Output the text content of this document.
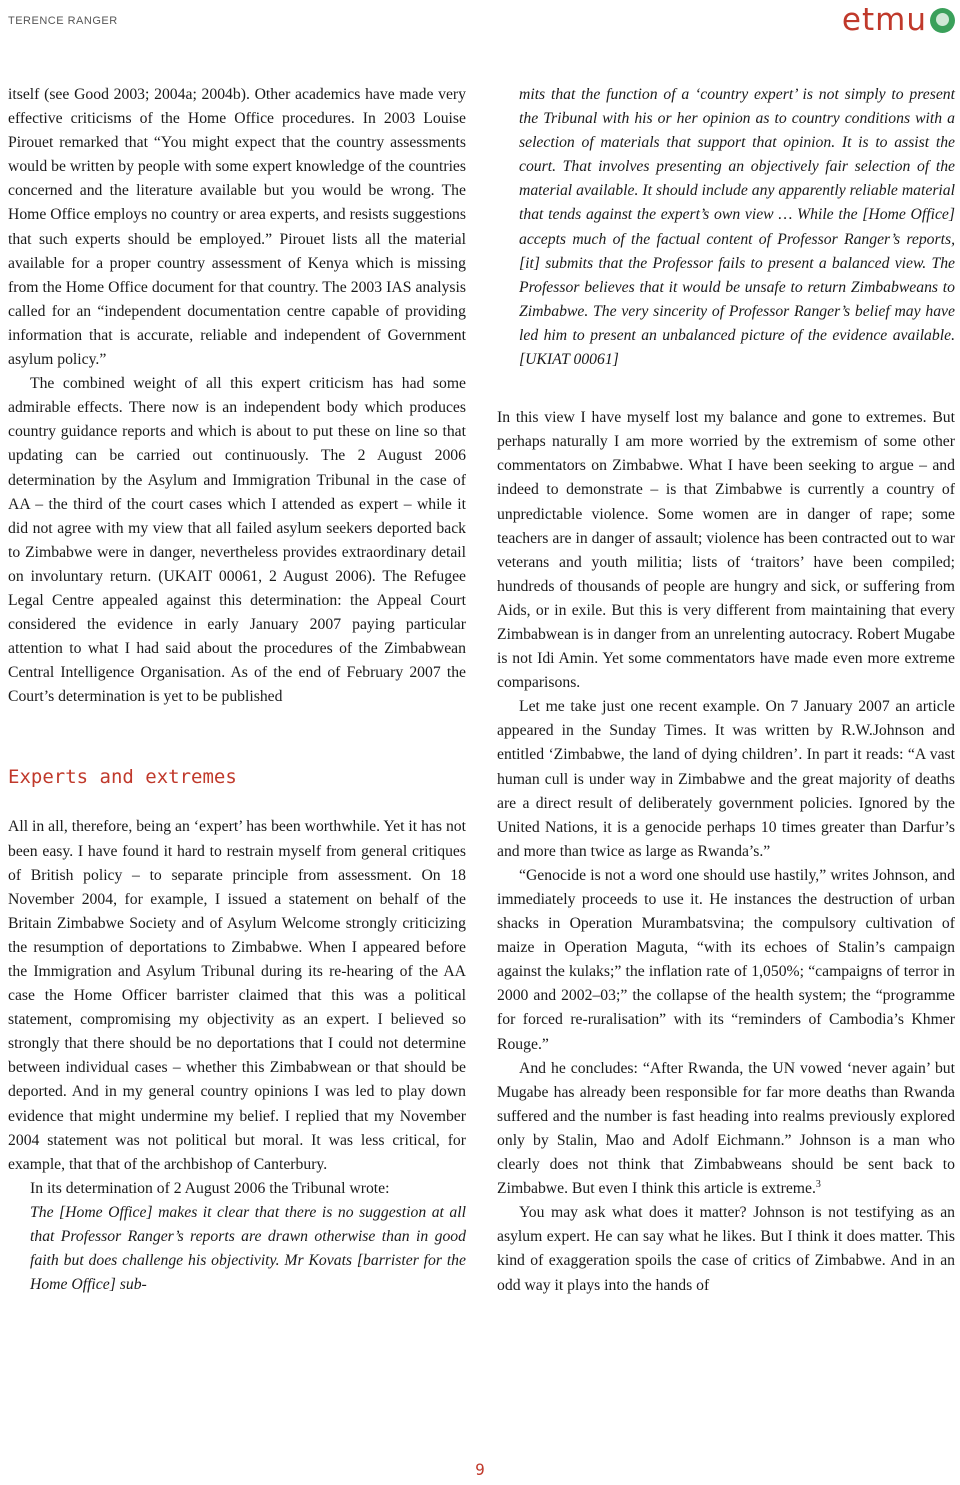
TERENCE RANGER	etmu

itself (see Good 2003; 2004a; 2004b). Other academics have made very effective criticisms of the Home Office procedures. In 2003 Louise Pirouet remarked that “You might expect that the country assessments would be written by people with some expert knowledge of the countries concerned and the literature available but you would be wrong. The Home Office employs no country or area experts, and resists suggestions that such experts should be employed.” Pirouet lists all the material available for a proper country assessment of Kenya which is missing from the Home Office document for that country. The 2003 IAS analysis called for an “independent documentation centre capable of providing information that is accurate, reliable and independent of Government asylum policy.”

The combined weight of all this expert criticism has had some admirable effects. There now is an independent body which produces country guidance reports and which is about to put these on line so that updating can be carried out continuously. The 2 August 2006 determination by the Asylum and Immigration Tribunal in the case of AA – the third of the court cases which I attended as expert – while it did not agree with my view that all failed asylum seekers deported back to Zimbabwe were in danger, nevertheless provides extraordinary detail on involuntary return. (UKAIT 00061, 2 August 2006). The Refugee Legal Centre appealed against this determination: the Appeal Court considered the evidence in early January 2007 paying particular attention to what I had said about the procedures of the Zimbabwean Central Intelligence Organisation. As of the end of February 2007 the Court’s determination is yet to be published

Experts and extremes

All in all, therefore, being an ‘expert’ has been worthwhile. Yet it has not been easy. I have found it hard to restrain myself from general critiques of British policy – to separate principle from assessment. On 18 November 2004, for example, I issued a statement on behalf of the Britain Zimbabwe Society and of Asylum Welcome strongly criticizing the resumption of deportations to Zimbabwe. When I appeared before the Immigration and Asylum Tribunal during its re-hearing of the AA case the Home Officer barrister claimed that this was a political statement, compromising my objectivity as an expert. I believed so strongly that there should be no deportations that I could not determine between individual cases – whether this Zimbabwean or that should be deported. And in my general country opinions I was led to play down evidence that might undermine my belief. I replied that my November 2004 statement was not political but moral. It was less critical, for example, that that of the archbishop of Canterbury.

In its determination of 2 August 2006 the Tribunal wrote:

The [Home Office] makes it clear that there is no suggestion at all that Professor Ranger’s reports are drawn otherwise than in good faith but does challenge his objectivity. Mr Kovats [barrister for the Home Office] sub-

mits that the function of a ‘country expert’ is not simply to present the Tribunal with his or her opinion as to country conditions with a selection of materials that support that opinion. It is to assist the court. That involves presenting an objectively fair selection of the material available. It should include any apparently reliable material that tends against the expert’s own view … While the [Home Office] accepts much of the factual content of Professor Ranger’s reports, [it] submits that the Professor fails to present a balanced view. The Professor believes that it would be unsafe to return Zimbabweans to Zimbabwe. The very sincerity of Professor Ranger’s belief may have led him to present an unbalanced picture of the evidence available. [UKIAT 00061]

In this view I have myself lost my balance and gone to extremes. But perhaps naturally I am more worried by the extremism of some other commentators on Zimbabwe. What I have been seeking to argue – and indeed to demonstrate – is that Zimbabwe is currently a country of unpredictable violence. Some women are in danger of rape; some teachers are in danger of assault; violence has been contracted out to war veterans and youth militia; lists of ‘traitors’ have been compiled; hundreds of thousands of people are hungry and sick, or suffering from Aids, or in exile. But this is very different from maintaining that every Zimbabwean is in danger from an unrelenting autocracy. Robert Mugabe is not Idi Amin. Yet some commentators have made even more extreme comparisons.

Let me take just one recent example. On 7 January 2007 an article appeared in the Sunday Times. It was written by R.W.Johnson and entitled ‘Zimbabwe, the land of dying children’. In part it reads: “A vast human cull is under way in Zimbabwe and the great majority of deaths are a direct result of deliberately government policies. Ignored by the United Nations, it is a genocide perhaps 10 times greater than Darfur’s and more than twice as large as Rwanda’s.”

“Genocide is not a word one should use hastily,” writes Johnson, and immediately proceeds to use it. He instances the destruction of urban shacks in Operation Murambatsvina; the compulsory cultivation of maize in Operation Maguta, “with its echoes of Stalin’s campaign against the kulaks;” the inflation rate of 1,050%; “campaigns of terror in 2000 and 2002–03;” the collapse of the health system; the “programme for forced re-ruralisation” with its “reminders of Cambodia’s Khmer Rouge.”

And he concludes: “After Rwanda, the UN vowed ‘never again’ but Mugabe has already been responsible for far more deaths than Rwanda suffered and the number is fast heading into realms previously explored only by Stalin, Mao and Adolf Eichmann.” Johnson is a man who clearly does not think that Zimbabweans should be sent back to Zimbabwe. But even I think this article is extreme.$^3$

You may ask what does it matter? Johnson is not testifying as an asylum expert. He can say what he likes. But I think it does matter. This kind of exaggeration spoils the case of critics of Zimbabwe. And in an odd way it plays into the hands of

9
